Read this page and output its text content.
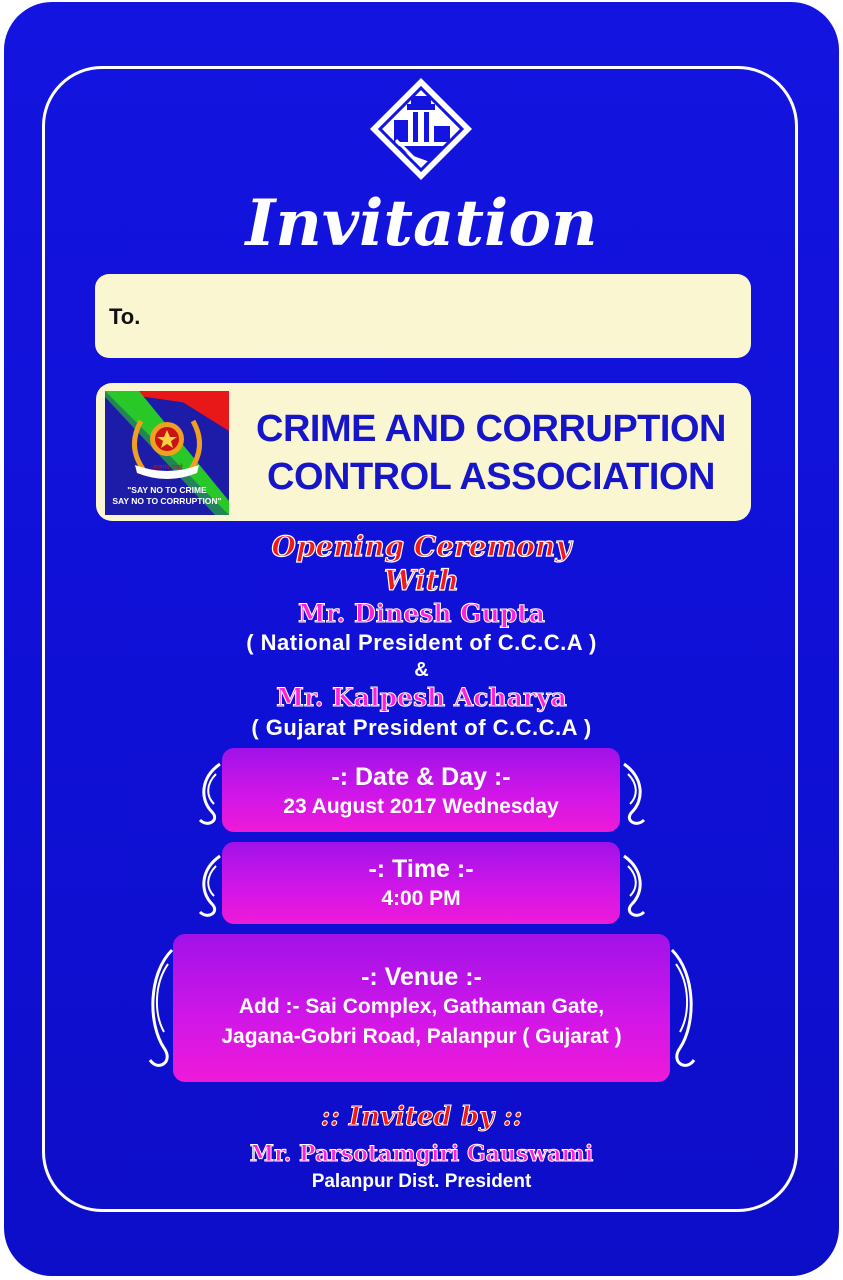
Invitation
To.
सत्यमेव जयते
"SAY NO TO CRIME
SAY NO TO CORRUPTION"
CRIME AND CORRUPTION
CONTROL ASSOCIATION
Opening Ceremony
With
Mr. Dinesh Gupta
( National President of C.C.C.A )
&
Mr. Kalpesh Acharya
( Gujarat President of C.C.C.A )
-: Date & Day :-
23 August 2017 Wednesday
-: Time :-
4:00 PM
-: Venue :-
Add :- Sai Complex, Gathaman Gate,
Jagana-Gobri Road, Palanpur ( Gujarat )
:: Invited by ::
Mr. Parsotamgiri Gauswami
Palanpur Dist. President
